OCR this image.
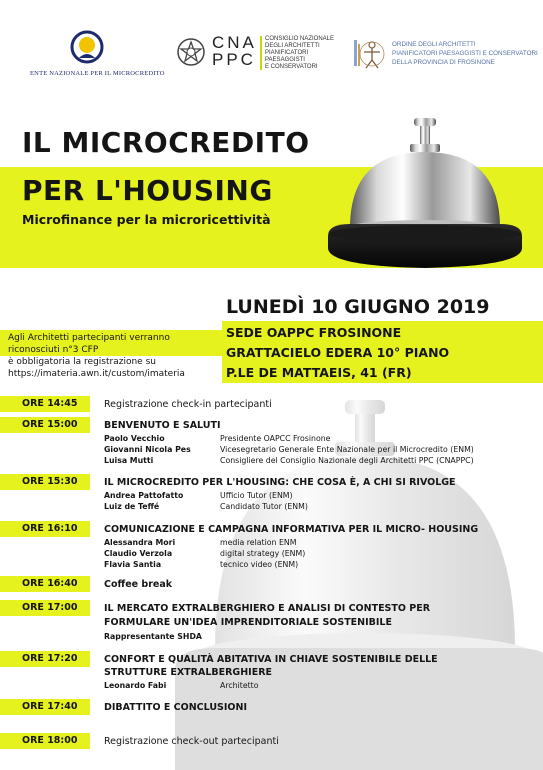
ENTE NAZIONALE PER IL MICROCREDITO
CNA
PPC
CONSIGLIO NAZIONALE
DEGLI ARCHITETTI
PIANIFICATORI
PAESAGGISTI
E CONSERVATORI
ORDINE DEGLI ARCHITETTI
PIANIFICATORI PAESAGGISTI E CONSERVATORI
DELLA PROVINCIA DI FROSINONE
IL MICROCREDITO
PER L'HOUSING
Microfinance per la microricettività
LUNEDÌ 10 GIUGNO 2019
SEDE OAPPC FROSINONE
GRATTACIELO EDERA 10° PIANO
P.LE DE MATTAEIS, 41 (FR)
Agli Architetti partecipanti verranno
riconosciuti n°3 CFP
è obbligatoria la registrazione su
https://imateria.awn.it/custom/imateria
ORE 14:45	Registrazione check-in partecipanti
ORE 15:00	BENVENUTO E SALUTI
Paolo Vecchio	Presidente OAPCC Frosinone
Giovanni Nicola Pes	Vicesegretario Generale Ente Nazionale per il Microcredito (ENM)
Luisa Mutti	Consigliere del Consiglio Nazionale degli Architetti PPC (CNAPPC)
ORE 15:30	IL MICROCREDITO PER L'HOUSING: CHE COSA È, A CHI SI RIVOLGE
Andrea Pattofatto	Ufficio Tutor (ENM)
Luiz de Teffé	Candidato Tutor (ENM)
ORE 16:10	COMUNICAZIONE E CAMPAGNA INFORMATIVA PER IL MICRO- HOUSING
Alessandra Mori	media relation ENM
Claudio Verzola	digital strategy (ENM)
Flavia Santia	tecnico video (ENM)
ORE 16:40	Coffee break
ORE 17:00	IL MERCATO EXTRALBERGHIERO E ANALISI DI CONTESTO PER
FORMULARE UN'IDEA IMPRENDITORIALE SOSTENIBILE
Rappresentante SHDA
ORE 17:20	CONFORT E QUALITÀ ABITATIVA IN CHIAVE SOSTENIBILE DELLE
STRUTTURE EXTRALBERGHIERE
Leonardo Fabi	Architetto
ORE 17:40	DIBATTITO E CONCLUSIONI
ORE 18:00	Registrazione check-out partecipanti
